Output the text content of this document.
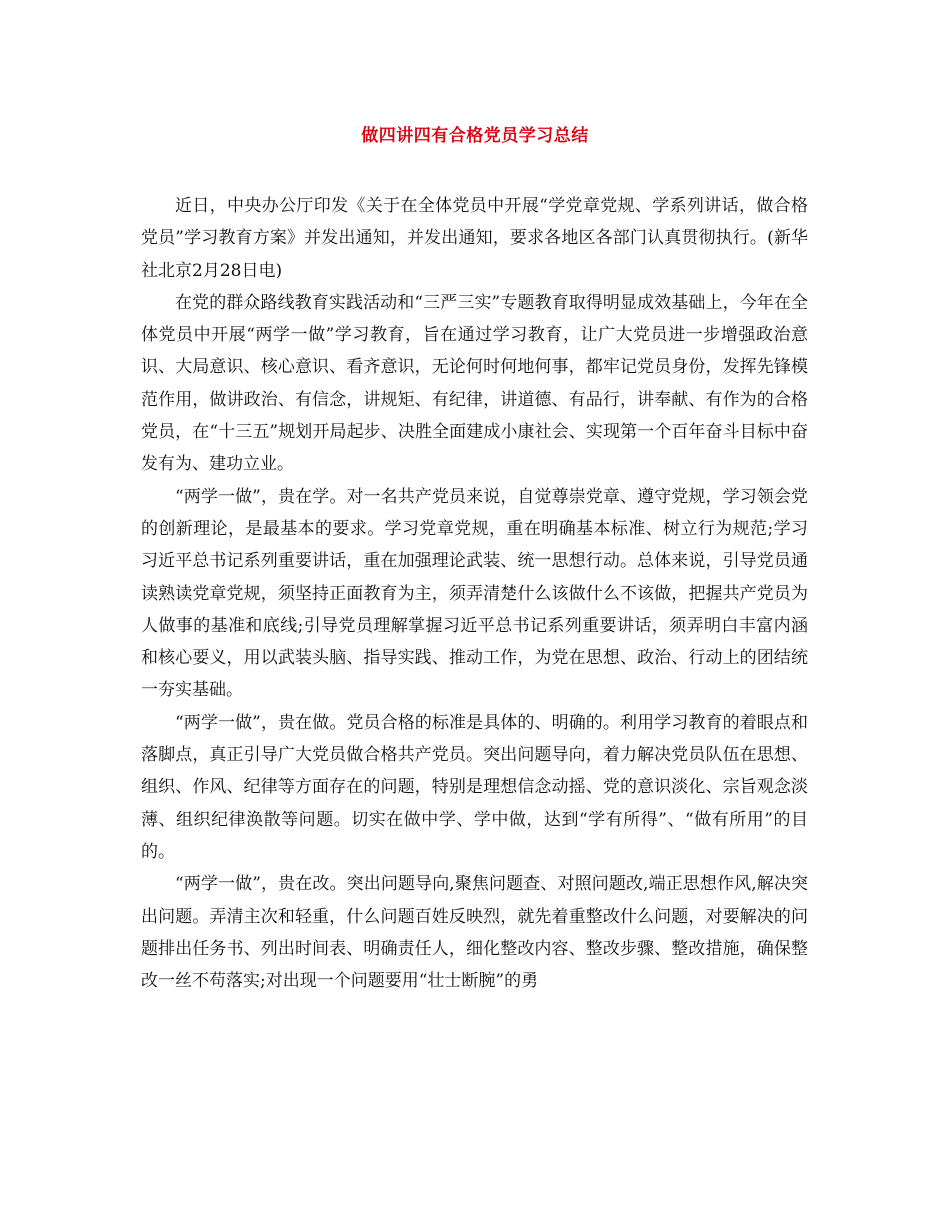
做四讲四有合格党员学习总结

近日，中央办公厅印发《关于在全体党员中开展“学党章党规、学系列讲话，做合格党员”学习教育方案》并发出通知，并发出通知，要求各地区各部门认真贯彻执行。(新华社北京2月28日电)

在党的群众路线教育实践活动和“三严三实”专题教育取得明显成效基础上，今年在全体党员中开展“两学一做”学习教育，旨在通过学习教育，让广大党员进一步增强政治意识、大局意识、核心意识、看齐意识，无论何时何地何事，都牢记党员身份，发挥先锋模范作用，做讲政治、有信念，讲规矩、有纪律，讲道德、有品行，讲奉献、有作为的合格党员，在“十三五”规划开局起步、决胜全面建成小康社会、实现第一个百年奋斗目标中奋发有为、建功立业。

“两学一做”，贵在学。对一名共产党员来说，自觉尊崇党章、遵守党规，学习领会党的创新理论，是最基本的要求。学习党章党规，重在明确基本标准、树立行为规范;学习习近平总书记系列重要讲话，重在加强理论武装、统一思想行动。总体来说，引导党员通读熟读党章党规，须坚持正面教育为主，须弄清楚什么该做什么不该做，把握共产党员为人做事的基准和底线;引导党员理解掌握习近平总书记系列重要讲话，须弄明白丰富内涵和核心要义，用以武装头脑、指导实践、推动工作，为党在思想、政治、行动上的团结统一夯实基础。

“两学一做”，贵在做。党员合格的标准是具体的、明确的。利用学习教育的着眼点和落脚点，真正引导广大党员做合格共产党员。突出问题导向，着力解决党员队伍在思想、组织、作风、纪律等方面存在的问题，特别是理想信念动摇、党的意识淡化、宗旨观念淡薄、组织纪律涣散等问题。切实在做中学、学中做，达到“学有所得”、“做有所用”的目的。

“两学一做”，贵在改。突出问题导向,聚焦问题查、对照问题改,端正思想作风,解决突出问题。弄清主次和轻重，什么问题百姓反映烈，就先着重整改什么问题，对要解决的问题排出任务书、列出时间表、明确责任人，细化整改内容、整改步骤、整改措施，确保整改一丝不苟落实;对出现一个问题要用“壮士断腕”的勇
